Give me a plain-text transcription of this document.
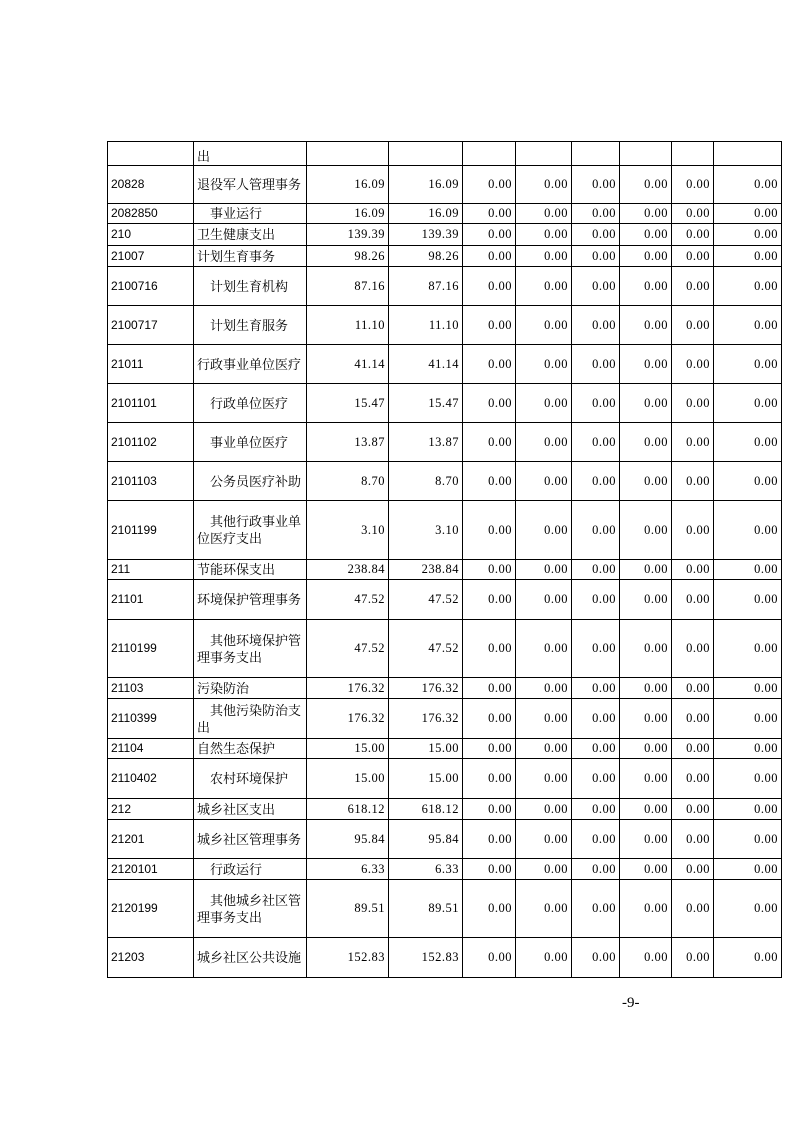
	出								
20828	退役军人管理事务	16.09	16.09	0.00	0.00	0.00	0.00	0.00	0.00
2082850	事业运行	16.09	16.09	0.00	0.00	0.00	0.00	0.00	0.00
210	卫生健康支出	139.39	139.39	0.00	0.00	0.00	0.00	0.00	0.00
21007	计划生育事务	98.26	98.26	0.00	0.00	0.00	0.00	0.00	0.00
2100716	计划生育机构	87.16	87.16	0.00	0.00	0.00	0.00	0.00	0.00
2100717	计划生育服务	11.10	11.10	0.00	0.00	0.00	0.00	0.00	0.00
21011	行政事业单位医疗	41.14	41.14	0.00	0.00	0.00	0.00	0.00	0.00
2101101	行政单位医疗	15.47	15.47	0.00	0.00	0.00	0.00	0.00	0.00
2101102	事业单位医疗	13.87	13.87	0.00	0.00	0.00	0.00	0.00	0.00
2101103	公务员医疗补助	8.70	8.70	0.00	0.00	0.00	0.00	0.00	0.00
2101199	其他行政事业单位医疗支出	3.10	3.10	0.00	0.00	0.00	0.00	0.00	0.00
211	节能环保支出	238.84	238.84	0.00	0.00	0.00	0.00	0.00	0.00
21101	环境保护管理事务	47.52	47.52	0.00	0.00	0.00	0.00	0.00	0.00
2110199	其他环境保护管理事务支出	47.52	47.52	0.00	0.00	0.00	0.00	0.00	0.00
21103	污染防治	176.32	176.32	0.00	0.00	0.00	0.00	0.00	0.00
2110399	其他污染防治支出	176.32	176.32	0.00	0.00	0.00	0.00	0.00	0.00
21104	自然生态保护	15.00	15.00	0.00	0.00	0.00	0.00	0.00	0.00
2110402	农村环境保护	15.00	15.00	0.00	0.00	0.00	0.00	0.00	0.00
212	城乡社区支出	618.12	618.12	0.00	0.00	0.00	0.00	0.00	0.00
21201	城乡社区管理事务	95.84	95.84	0.00	0.00	0.00	0.00	0.00	0.00
2120101	行政运行	6.33	6.33	0.00	0.00	0.00	0.00	0.00	0.00
2120199	其他城乡社区管理事务支出	89.51	89.51	0.00	0.00	0.00	0.00	0.00	0.00
21203	城乡社区公共设施	152.83	152.83	0.00	0.00	0.00	0.00	0.00	0.00
-9-
